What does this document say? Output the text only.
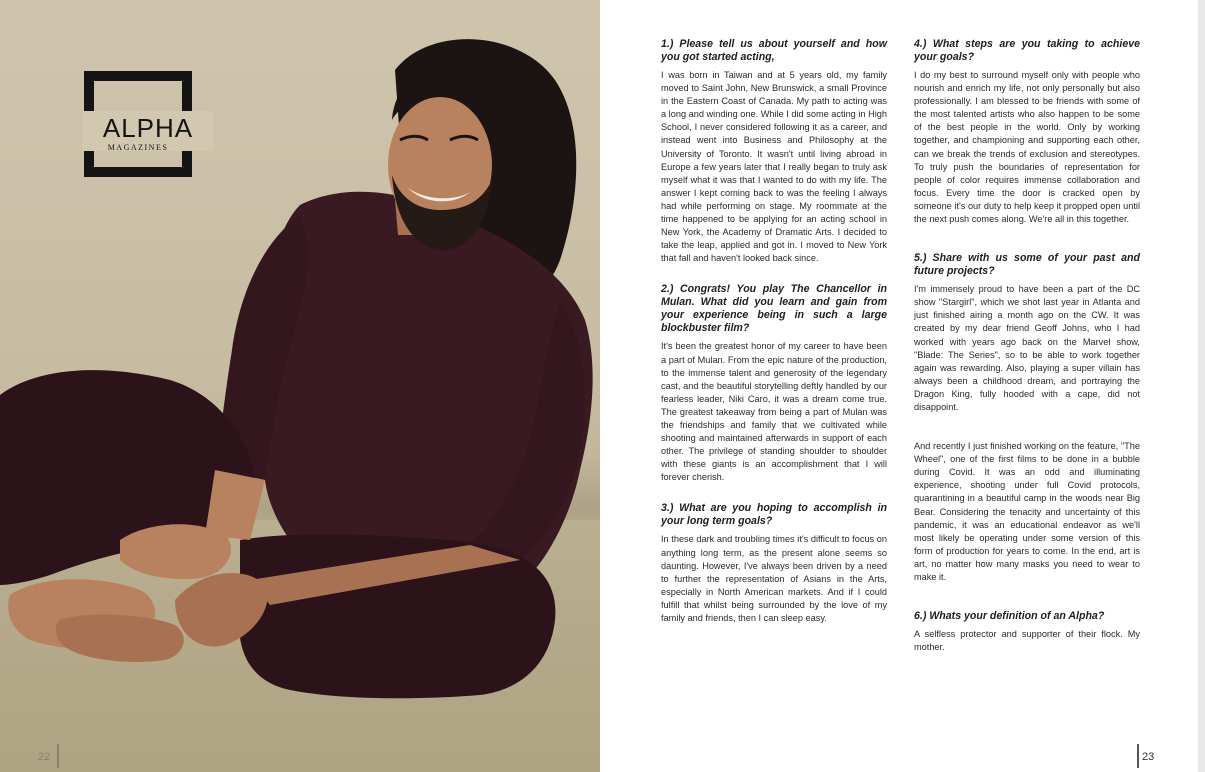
ALPHA
MAGAZINES
22
1.) Please tell us about yourself and how you got started acting,
I was born in Taiwan and at 5 years old, my family moved to Saint John, New Brunswick, a small Province in the Eastern Coast of Canada. My path to acting was a long and winding one. While I did some acting in High School, I never considered following it as a career, and instead went into Business and Philosophy at the University of Toronto. It wasn't until living abroad in Europe a few years later that I really began to truly ask myself what it was that I wanted to do with my life. The answer I kept coming back to was the feeling I always had while performing on stage. My roommate at the time happened to be applying for an acting school in New York, the Academy of Dramatic Arts. I decided to take the leap, applied and got in. I moved to New York that fall and haven't looked back since.
2.) Congrats! You play The Chancellor in Mulan. What did you learn and gain from your experience being in such a large blockbuster film?
It's been the greatest honor of my career to have been a part of Mulan. From the epic nature of the production, to the immense talent and generosity of the legendary cast, and the beautiful storytelling deftly handled by our fearless leader, Niki Caro, it was a dream come true. The greatest takeaway from being a part of Mulan was the friendships and family that we cultivated while shooting and maintained afterwards in support of each other. The privilege of standing shoulder to shoulder with these giants is an accomplishment that I will forever cherish.
3.) What are you hoping to accomplish in your long term goals?
In these dark and troubling times it's difficult to focus on anything long term, as the present alone seems so daunting. However, I've always been driven by a need to further the representation of Asians in the Arts, especially in North American markets. And if I could fulfill that whilst being surrounded by the love of my family and friends, then I can sleep easy.
4.) What steps are you taking to achieve your goals?
I do my best to surround myself only with people who nourish and enrich my life, not only personally but also professionally. I am blessed to be friends with some of the most talented artists who also happen to be some of the best people in the world. Only by working together, and championing and supporting each other, can we break the trends of exclusion and stereotypes. To truly push the boundaries of representation for people of color requires immense collaboration and focus. Every time the door is cracked open by someone it's our duty to help keep it propped open until the next push comes along. We're all in this together.
5.) Share with us some of your past and future projects?
I'm immensely proud to have been a part of the DC show "Stargirl", which we shot last year in Atlanta and just finished airing a month ago on the CW. It was created by my dear friend Geoff Johns, who I had worked with years ago back on the Marvel show, "Blade: The Series", so to be able to work together again was rewarding. Also, playing a super villain has always been a childhood dream, and portraying the Dragon King, fully hooded with a cape, did not disappoint.
And recently I just finished working on the feature, "The Wheel", one of the first films to be done in a bubble during Covid. It was an odd and illuminating experience, shooting under full Covid protocols, quarantining in a beautiful camp in the woods near Big Bear. Considering the tenacity and uncertainty of this pandemic, it was an educational endeavor as we'll most likely be operating under some version of this form of production for years to come. In the end, art is art, no matter how many masks you need to wear to make it.
6.) Whats your definition of an Alpha?
A selfless protector and supporter of their flock. My mother.
23
